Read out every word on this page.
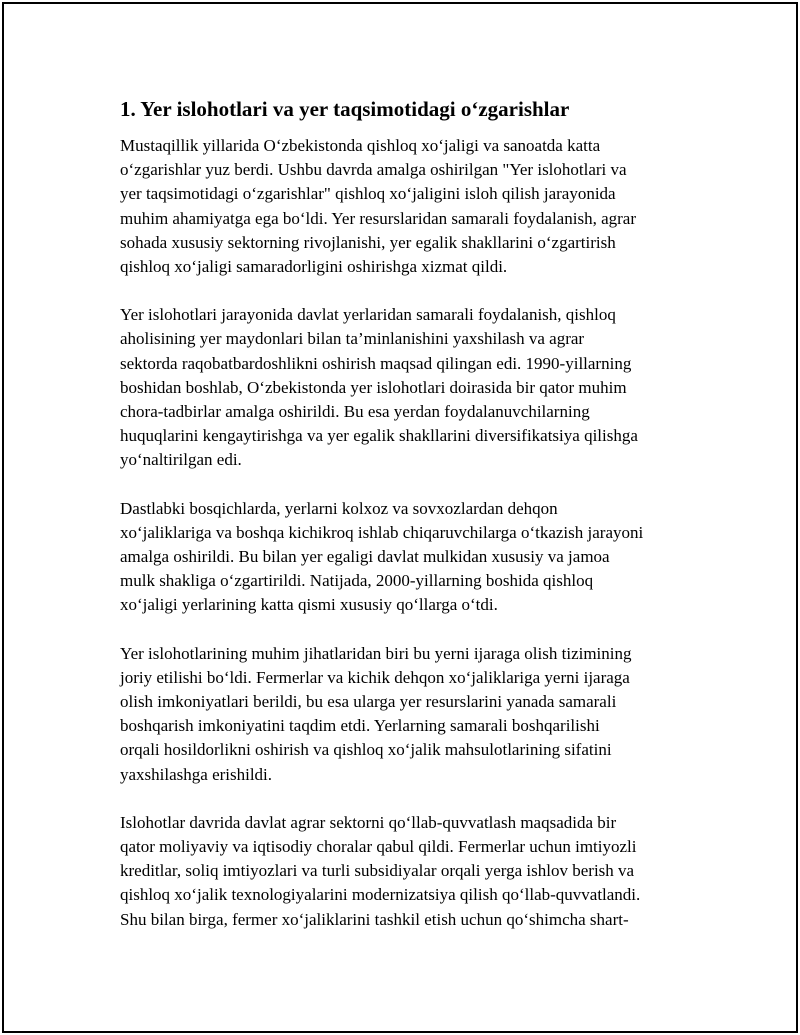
1. Yer islohotlari va yer taqsimotidagi o‘zgarishlar

Mustaqillik yillarida O‘zbekistonda qishloq xo‘jaligi va sanoatda katta
o‘zgarishlar yuz berdi. Ushbu davrda amalga oshirilgan "Yer islohotlari va
yer taqsimotidagi o‘zgarishlar" qishloq xo‘jaligini isloh qilish jarayonida
muhim ahamiyatga ega bo‘ldi. Yer resurslaridan samarali foydalanish, agrar
sohada xususiy sektorning rivojlanishi, yer egalik shakllarini o‘zgartirish
qishloq xo‘jaligi samaradorligini oshirishga xizmat qildi.

Yer islohotlari jarayonida davlat yerlaridan samarali foydalanish, qishloq
aholisining yer maydonlari bilan ta’minlanishini yaxshilash va agrar
sektorda raqobatbardoshlikni oshirish maqsad qilingan edi. 1990-yillarning
boshidan boshlab, O‘zbekistonda yer islohotlari doirasida bir qator muhim
chora-tadbirlar amalga oshirildi. Bu esa yerdan foydalanuvchilarning
huquqlarini kengaytirishga va yer egalik shakllarini diversifikatsiya qilishga
yo‘naltirilgan edi.

Dastlabki bosqichlarda, yerlarni kolxoz va sovxozlardan dehqon
xo‘jaliklariga va boshqa kichikroq ishlab chiqaruvchilarga o‘tkazish jarayoni
amalga oshirildi. Bu bilan yer egaligi davlat mulkidan xususiy va jamoa
mulk shakliga o‘zgartirildi. Natijada, 2000-yillarning boshida qishloq
xo‘jaligi yerlarining katta qismi xususiy qo‘llarga o‘tdi.

Yer islohotlarining muhim jihatlaridan biri bu yerni ijaraga olish tizimining
joriy etilishi bo‘ldi. Fermerlar va kichik dehqon xo‘jaliklariga yerni ijaraga
olish imkoniyatlari berildi, bu esa ularga yer resurslarini yanada samarali
boshqarish imkoniyatini taqdim etdi. Yerlarning samarali boshqarilishi
orqali hosildorlikni oshirish va qishloq xo‘jalik mahsulotlarining sifatini
yaxshilashga erishildi.

Islohotlar davrida davlat agrar sektorni qo‘llab-quvvatlash maqsadida bir
qator moliyaviy va iqtisodiy choralar qabul qildi. Fermerlar uchun imtiyozli
kreditlar, soliq imtiyozlari va turli subsidiyalar orqali yerga ishlov berish va
qishloq xo‘jalik texnologiyalarini modernizatsiya qilish qo‘llab-quvvatlandi.
Shu bilan birga, fermer xo‘jaliklarini tashkil etish uchun qo‘shimcha shart-
